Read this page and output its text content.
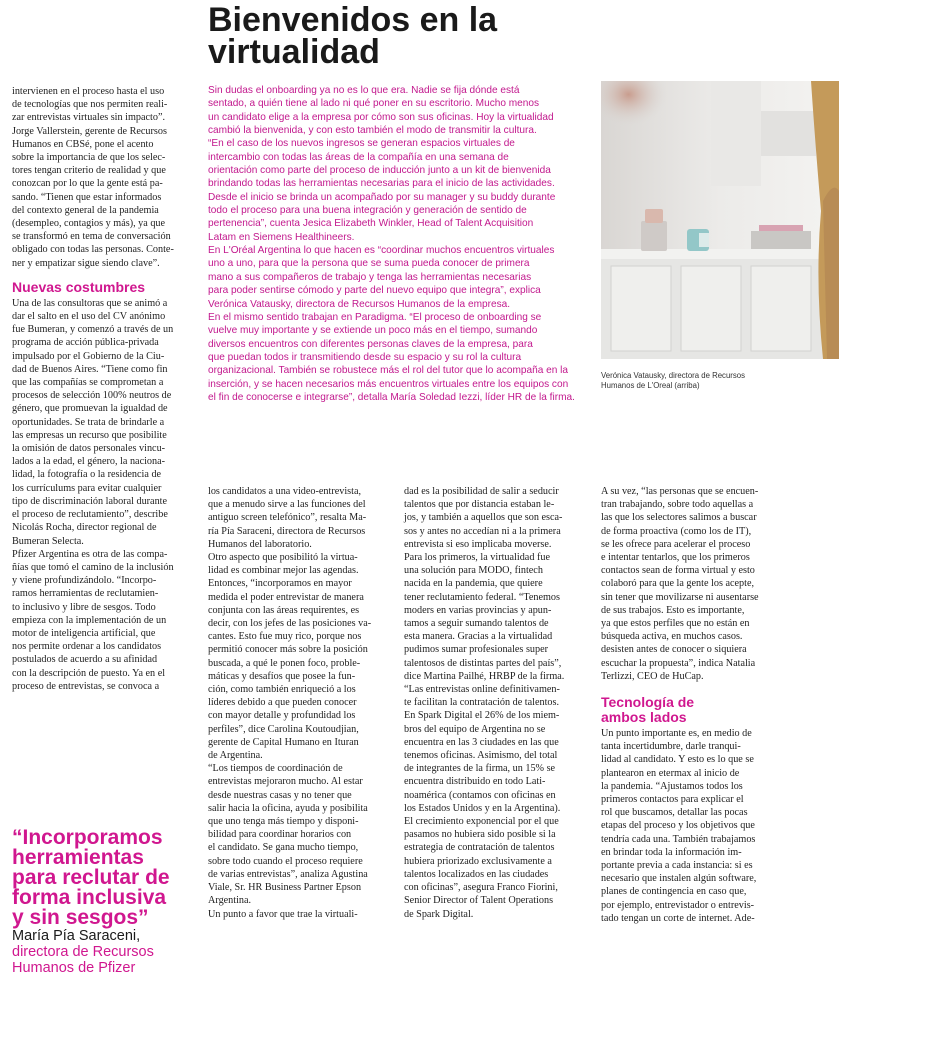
Bienvenidos en la
virtualidad

Sin dudas el onboarding ya no es lo que era. Nadie se fija dónde está
sentado, a quién tiene al lado ni qué poner en su escritorio. Mucho menos
un candidato elige a la empresa por cómo son sus oficinas. Hoy la virtualidad
cambió la bienvenida, y con esto también el modo de transmitir la cultura.
“En el caso de los nuevos ingresos se generan espacios virtuales de
intercambio con todas las áreas de la compañía en una semana de
orientación como parte del proceso de inducción junto a un kit de bienvenida
brindando todas las herramientas necesarias para el inicio de las actividades.
Desde el inicio se brinda un acompañado por su manager y su buddy durante
todo el proceso para una buena integración y generación de sentido de
pertenencia”, cuenta Jesica Elizabeth Winkler, Head of Talent Acquisition
Latam en Siemens Healthineers.
En L'Oréal Argentina lo que hacen es “coordinar muchos encuentros virtuales
uno a uno, para que la persona que se suma pueda conocer de primera
mano a sus compañeros de trabajo y tenga las herramientas necesarias
para poder sentirse cómodo y parte del nuevo equipo que integra”, explica
Verónica Vatausky, directora de Recursos Humanos de la empresa.
En el mismo sentido trabajan en Paradigma. “El proceso de onboarding se
vuelve muy importante y se extiende un poco más en el tiempo, sumando
diversos encuentros con diferentes personas claves de la empresa, para
que puedan todos ir transmitiendo desde su espacio y su rol la cultura
organizacional. También se robustece más el rol del tutor que lo acompaña en la
inserción, y se hacen necesarios más encuentros virtuales entre los equipos con
el fin de conocerse e integrarse”, detalla María Soledad Iezzi, líder HR de la firma.

Verónica Vatausky, directora de Recursos
Humanos de L'Oreal (arriba)

intervienen en el proceso hasta el uso
de tecnologías que nos permiten reali-
zar entrevistas virtuales sin impacto”.
Jorge Vallerstein, gerente de Recursos
Humanos en CBSé, pone el acento
sobre la importancia de que los selec-
tores tengan criterio de realidad y que
conozcan por lo que la gente está pa-
sando. “Tienen que estar informados
del contexto general de la pandemia
(desempleo, contagios y más), ya que
se transformó en tema de conversación
obligado con todas las personas. Conte-
ner y empatizar sigue siendo clave”.

Nuevas costumbres

Una de las consultoras que se animó a
dar el salto en el uso del CV anónimo
fue Bumeran, y comenzó a través de un
programa de acción pública-privada
impulsado por el Gobierno de la Ciu-
dad de Buenos Aires. “Tiene como fin
que las compañías se comprometan a
procesos de selección 100% neutros de
género, que promuevan la igualdad de
oportunidades. Se trata de brindarle a
las empresas un recurso que posibilite
la omisión de datos personales vincu-
lados a la edad, el género, la naciona-
lidad, la fotografía o la residencia de
los currículums para evitar cualquier
tipo de discriminación laboral durante
el proceso de reclutamiento”, describe
Nicolás Rocha, director regional de
Bumeran Selecta.
Pfizer Argentina es otra de las compa-
ñías que tomó el camino de la inclusión
y viene profundizándolo. “Incorpo-
ramos herramientas de reclutamien-
to inclusivo y libre de sesgos. Todo
empieza con la implementación de un
motor de inteligencia artificial, que
nos permite ordenar a los candidatos
postulados de acuerdo a su afinidad
con la descripción de puesto. Ya en el
proceso de entrevistas, se convoca a

los candidatos a una video-entrevista,
que a menudo sirve a las funciones del
antiguo screen telefónico”, resalta Ma-
ría Pía Saraceni, directora de Recursos
Humanos del laboratorio.
Otro aspecto que posibilitó la virtua-
lidad es combinar mejor las agendas.
Entonces, “incorporamos en mayor
medida el poder entrevistar de manera
conjunta con las áreas requirentes, es
decir, con los jefes de las posiciones va-
cantes. Esto fue muy rico, porque nos
permitió conocer más sobre la posición
buscada, a qué le ponen foco, proble-
máticas y desafíos que posee la fun-
ción, como también enriqueció a los
líderes debido a que pueden conocer
con mayor detalle y profundidad los
perfiles”, dice Carolina Koutoudjian,
gerente de Capital Humano en Ituran
de Argentina.
“Los tiempos de coordinación de
entrevistas mejoraron mucho. Al estar
desde nuestras casas y no tener que
salir hacia la oficina, ayuda y posibilita
que uno tenga más tiempo y disponi-
bilidad para coordinar horarios con
el candidato. Se gana mucho tiempo,
sobre todo cuando el proceso requiere
de varias entrevistas”, analiza Agustina
Viale, Sr. HR Business Partner Epson
Argentina.
Un punto a favor que trae la virtuali-

dad es la posibilidad de salir a seducir
talentos que por distancia estaban le-
jos, y también a aquellos que son esca-
sos y antes no accedían ni a la primera
entrevista si eso implicaba moverse.
Para los primeros, la virtualidad fue
una solución para MODO, fintech
nacida en la pandemia, que quiere
tener reclutamiento federal. “Tenemos
moders en varias provincias y apun-
tamos a seguir sumando talentos de
esta manera. Gracias a la virtualidad
pudimos sumar profesionales super
talentosos de distintas partes del país”,
dice Martina Pailhé, HRBP de la firma.
“Las entrevistas online definitivamen-
te facilitan la contratación de talentos.
En Spark Digital el 26% de los miem-
bros del equipo de Argentina no se
encuentra en las 3 ciudades en las que
tenemos oficinas. Asimismo, del total
de integrantes de la firma, un 15% se
encuentra distribuido en todo Lati-
noamérica (contamos con oficinas en
los Estados Unidos y en la Argentina).
El crecimiento exponencial por el que
pasamos no hubiera sido posible si la
estrategia de contratación de talentos
hubiera priorizado exclusivamente a
talentos localizados en las ciudades
con oficinas”, asegura Franco Fiorini,
Senior Director of Talent Operations
de Spark Digital.

A su vez, “las personas que se encuen-
tran trabajando, sobre todo aquellas a
las que los selectores salimos a buscar
de forma proactiva (como los de IT),
se les ofrece para acelerar el proceso
e intentar tentarlos, que los primeros
contactos sean de forma virtual y esto
colaboró para que la gente los acepte,
sin tener que movilizarse ni ausentarse
de sus trabajos. Esto es importante,
ya que estos perfiles que no están en
búsqueda activa, en muchos casos.
desisten antes de conocer o siquiera
escuchar la propuesta”, indica Natalia
Terlizzi, CEO de HuCap.

Tecnología de
ambos lados

Un punto importante es, en medio de
tanta incertidumbre, darle tranqui-
lidad al candidato. Y esto es lo que se
plantearon en etermax al inicio de
la pandemia. “Ajustamos todos los
primeros contactos para explicar el
rol que buscamos, detallar las pocas
etapas del proceso y los objetivos que
tendría cada una. También trabajamos
en brindar toda la información im-
portante previa a cada instancia: si es
necesario que instalen algún software,
planes de contingencia en caso que,
por ejemplo, entrevistador o entrevis-
tado tengan un corte de internet. Ade-

“Incorporamos
herramientas
para reclutar de
forma inclusiva
y sin sesgos”

María Pía Saraceni,

directora de Recursos
Humanos de Pfizer
